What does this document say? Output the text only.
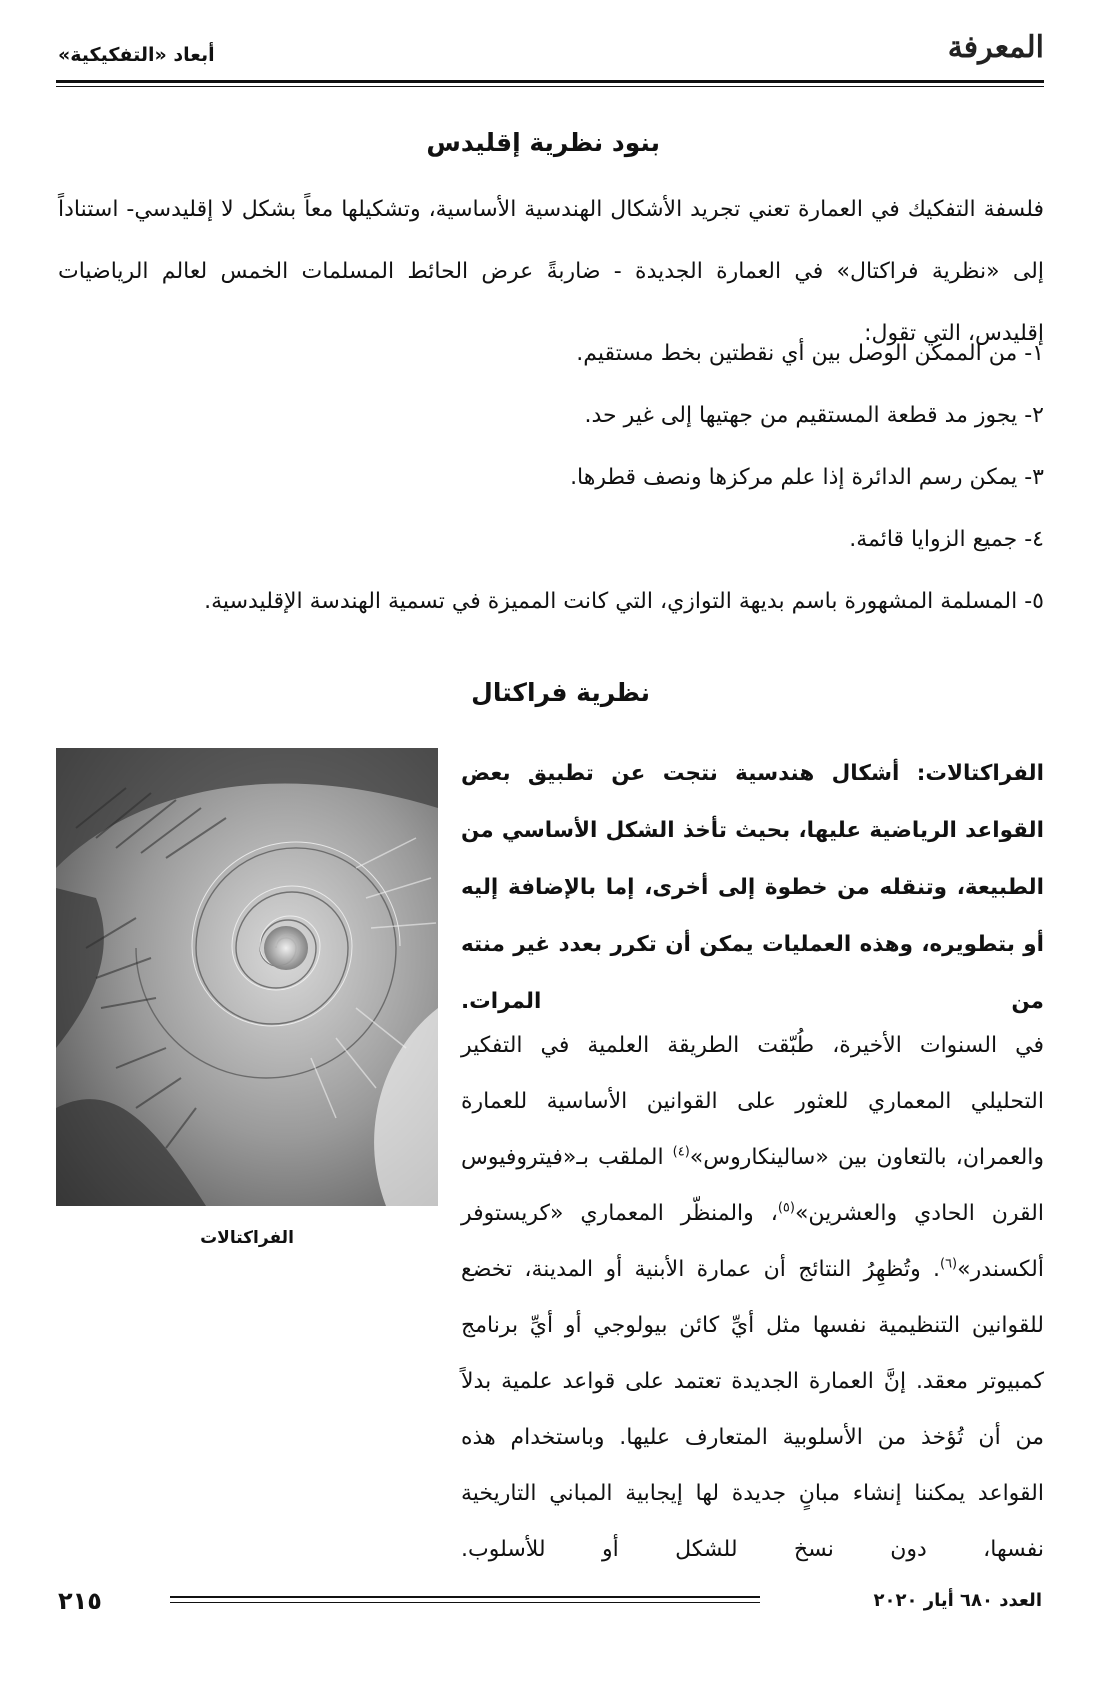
المعرفة
أبعاد «التفكيكية»
بنود نظرية إقليدس

فلسفة التفكيك في العمارة تعني تجريد الأشكال الهندسية الأساسية، وتشكيلها معاً بشكل لا إقليدسي- استناداً إلى «نظرية فراكتال» في العمارة الجديدة - ضاربةً عرض الحائط المسلمات الخمس لعالم الرياضيات إقليدس، التي تقول:

١- من الممكن الوصل بين أي نقطتين بخط مستقيم.
٢- يجوز مد قطعة المستقيم من جهتيها إلى غير حد.
٣- يمكن رسم الدائرة إذا علم مركزها ونصف قطرها.
٤- جميع الزوايا قائمة.
٥- المسلمة المشهورة باسم بديهة التوازي، التي كانت المميزة في تسمية الهندسة الإقليدسية.
نظرية فراكتال

الفراكتالات: أشكال هندسية نتجت عن تطبيق بعض القواعد الرياضية عليها، بحيث تأخذ الشكل الأساسي من الطبيعة، وتنقله من خطوة إلى أخرى، إما بالإضافة إليه أو بتطويره، وهذه العمليات يمكن أن تكرر بعدد غير منته من المرات.

في السنوات الأخيرة، طُبّقت الطريقة العلمية في التفكير التحليلي المعماري للعثور على القوانين الأساسية للعمارة والعمران، بالتعاون بين «سالينكاروس»$^{(٤)}$ الملقب بـ«فيتروفيوس القرن الحادي والعشرين»$^{(٥)}$، والمنظّر المعماري «كريستوفر ألكسندر»$^{(٦)}$. وتُظهِرُ النتائج أن عمارة الأبنية أو المدينة، تخضع للقوانين التنظيمية نفسها مثل أيِّ كائن بيولوجي أو أيِّ برنامج كمبيوتر معقد. إنَّ العمارة الجديدة تعتمد على قواعد علمية بدلاً من أن تُؤخذ من الأسلوبية المتعارف عليها. وباستخدام هذه القواعد يمكننا إنشاء مبانٍ جديدة لها إيجابية المباني التاريخية نفسها، دون نسخ للشكل أو للأسلوب.

الفراكتالات

٢١٥	العدد ٦٨٠ أيار ٢٠٢٠
